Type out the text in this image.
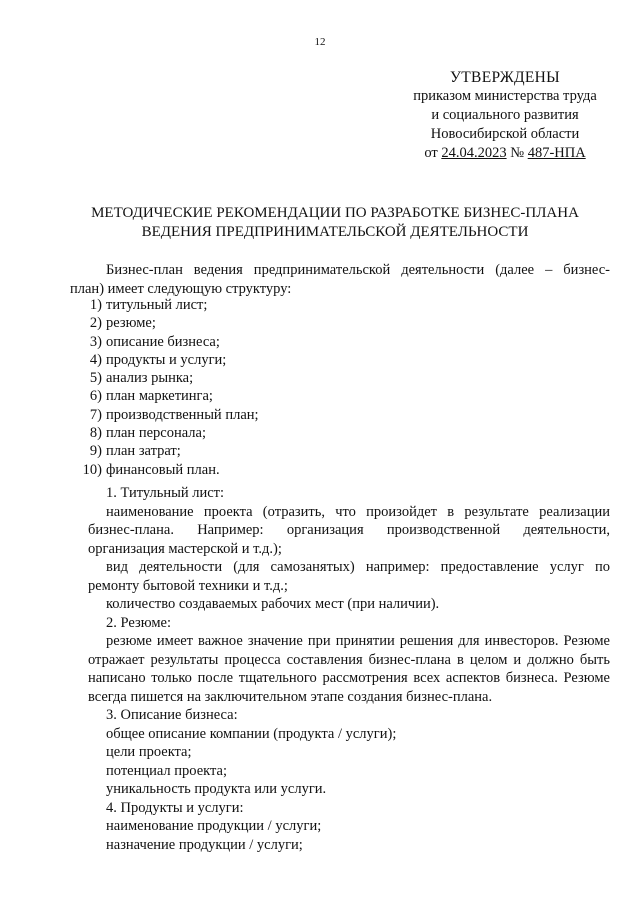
12
УТВЕРЖДЕНЫ
приказом министерства труда
и социального развития
Новосибирской области
от 24.04.2023 № 487-НПА
МЕТОДИЧЕСКИЕ РЕКОМЕНДАЦИИ ПО РАЗРАБОТКЕ БИЗНЕС-ПЛАНА
ВЕДЕНИЯ ПРЕДПРИНИМАТЕЛЬСКОЙ ДЕЯТЕЛЬНОСТИ
Бизнес-план ведения предпринимательской деятельности (далее – бизнес-
план) имеет следующую структуру:
1) титульный лист;
2) резюме;
3) описание бизнеса;
4) продукты и услуги;
5) анализ рынка;
6) план маркетинга;
7) производственный план;
8) план персонала;
9) план затрат;
10) финансовый план.
1. Титульный лист:
наименование проекта (отразить, что произойдет в результате реализации
бизнес-плана. Например: организация производственной деятельности,
организация мастерской и т.д.);
вид деятельности (для самозанятых) например: предоставление услуг по
ремонту бытовой техники и т.д.;
количество создаваемых рабочих мест (при наличии).
2. Резюме:
резюме имеет важное значение при принятии решения для инвесторов. Резюме
отражает результаты процесса составления бизнес-плана в целом и должно быть
написано только после тщательного рассмотрения всех аспектов бизнеса. Резюме
всегда пишется на заключительном этапе создания бизнес-плана.
3. Описание бизнеса:
общее описание компании (продукта / услуги);
цели проекта;
потенциал проекта;
уникальность продукта или услуги.
4. Продукты и услуги:
наименование продукции / услуги;
назначение продукции / услуги;
